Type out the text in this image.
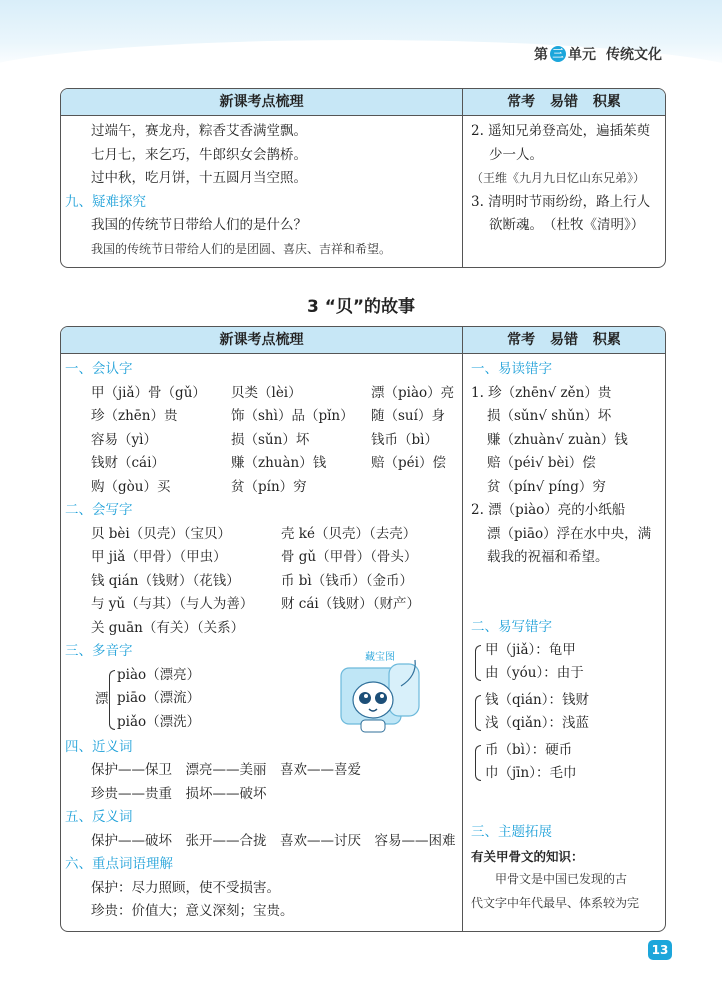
第 三 单元 传统文化
新课考点梳理	常考 易错 积累
过端午，赛龙舟，粽香艾香满堂飘。
七月七，来乞巧，牛郎织女会鹊桥。
过中秋，吃月饼，十五圆月当空照。
九、疑难探究
我国的传统节日带给人们的是什么？
我国的传统节日带给人们的是团圆、喜庆、吉祥和希望。
2. 遥知兄弟登高处，遍插茱萸
少一人。
（王维《九月九日忆山东兄弟》）
3. 清明时节雨纷纷，路上行人
欲断魂。　（杜牧《清明》）
3 “贝”的故事
新课考点梳理	常考 易错 积累
一、会认字
甲（jiǎ）骨（gǔ）	贝类（lèi）	漂（piào）亮
珍（zhēn）贵	饰（shì）品（pǐn）	随（suí）身
容易（yì）	损（sǔn）坏	钱币（bì）
钱财（cái）	赚（zhuàn）钱	赔（péi）偿
购（gòu）买	贫（pín）穷
二、会写字
贝 bèi（贝壳）（宝贝）	壳 ké（贝壳）（去壳）
甲 jiǎ（甲骨）（甲虫）	骨 gǔ（甲骨）（骨头）
钱 qián（钱财）（花钱）	币 bì（钱币）（金币）
与 yǔ（与其）（与人为善）	财 cái（钱财）（财产）
关 guān（有关）（关系）
三、多音字
漂
piào（漂亮）
piāo（漂流）
piǎo（漂洗）
四、近义词
保护——保卫　漂亮——美丽　喜欢——喜爱
珍贵——贵重　损坏——破坏
五、反义词
保护——破坏　张开——合拢　喜欢——讨厌　容易——困难
六、重点词语理解
保护：尽力照顾，使不受损害。
珍贵：价值大；意义深刻；宝贵。
藏宝图
一、易读错字
1. 珍（zhēn√ zěn）贵
损（sǔn√ shǔn）坏
赚（zhuàn√ zuàn）钱
赔（péi√ bèi）偿
贫（pín√ píng）穷
2. 漂（piào）亮的小纸船
漂（piāo）浮在水中央，满
载我的祝福和希望。
二、易写错字
甲（jiǎ）：龟甲
由（yóu）：由于
钱（qián）：钱财
浅（qiǎn）：浅蓝
币（bì）：硬币
巾（jīn）：毛巾
三、主题拓展
有关甲骨文的知识：
甲骨文是中国已发现的古
代文字中年代最早、体系较为完
13
